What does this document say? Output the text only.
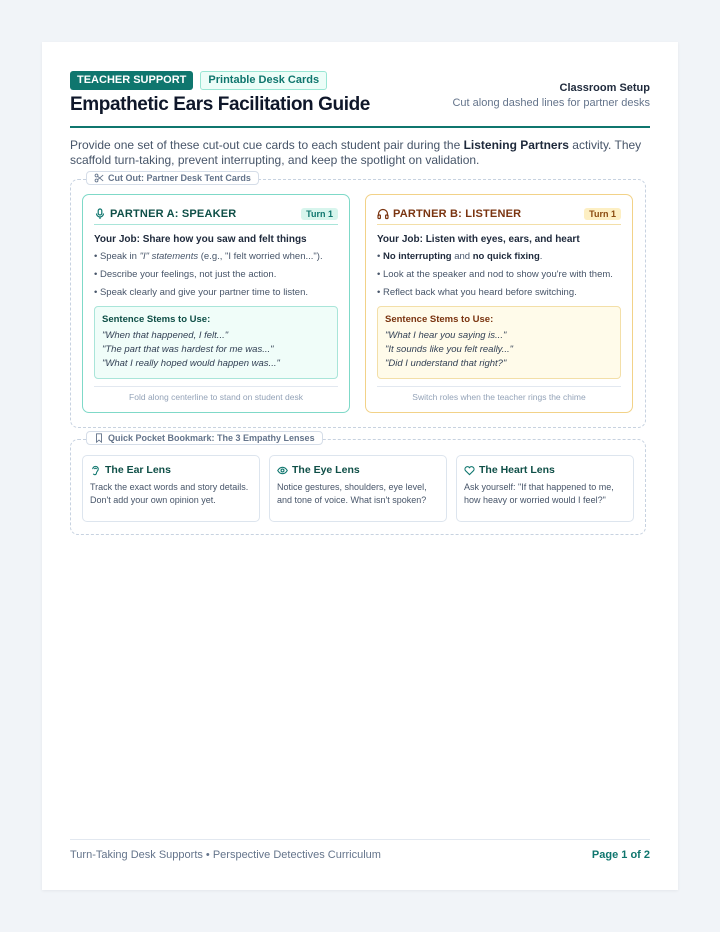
TEACHER SUPPORT	Printable Desk Cards
Empathetic Ears Facilitation Guide
Classroom Setup
Cut along dashed lines for partner desks
Provide one set of these cut-out cue cards to each student pair during the Listening Partners activity. They scaffold turn-taking, prevent interrupting, and keep the spotlight on validation.
Cut Out: Partner Desk Tent Cards
PARTNER A: SPEAKER	Turn 1
Your Job: Share how you saw and felt things
• Speak in "I" statements (e.g., "I felt worried when...").
• Describe your feelings, not just the action.
• Speak clearly and give your partner time to listen.
Sentence Stems to Use:
"When that happened, I felt..."
"The part that was hardest for me was..."
"What I really hoped would happen was..."
Fold along centerline to stand on student desk
PARTNER B: LISTENER	Turn 1
Your Job: Listen with eyes, ears, and heart
• No interrupting and no quick fixing.
• Look at the speaker and nod to show you're with them.
• Reflect back what you heard before switching.
Sentence Stems to Use:
"What I hear you saying is..."
"It sounds like you felt really..."
"Did I understand that right?"
Switch roles when the teacher rings the chime
Quick Pocket Bookmark: The 3 Empathy Lenses
The Ear Lens
Track the exact words and story details. Don't add your own opinion yet.
The Eye Lens
Notice gestures, shoulders, eye level, and tone of voice. What isn't spoken?
The Heart Lens
Ask yourself: "If that happened to me, how heavy or worried would I feel?"
Turn-Taking Desk Supports • Perspective Detectives Curriculum	Page 1 of 2
